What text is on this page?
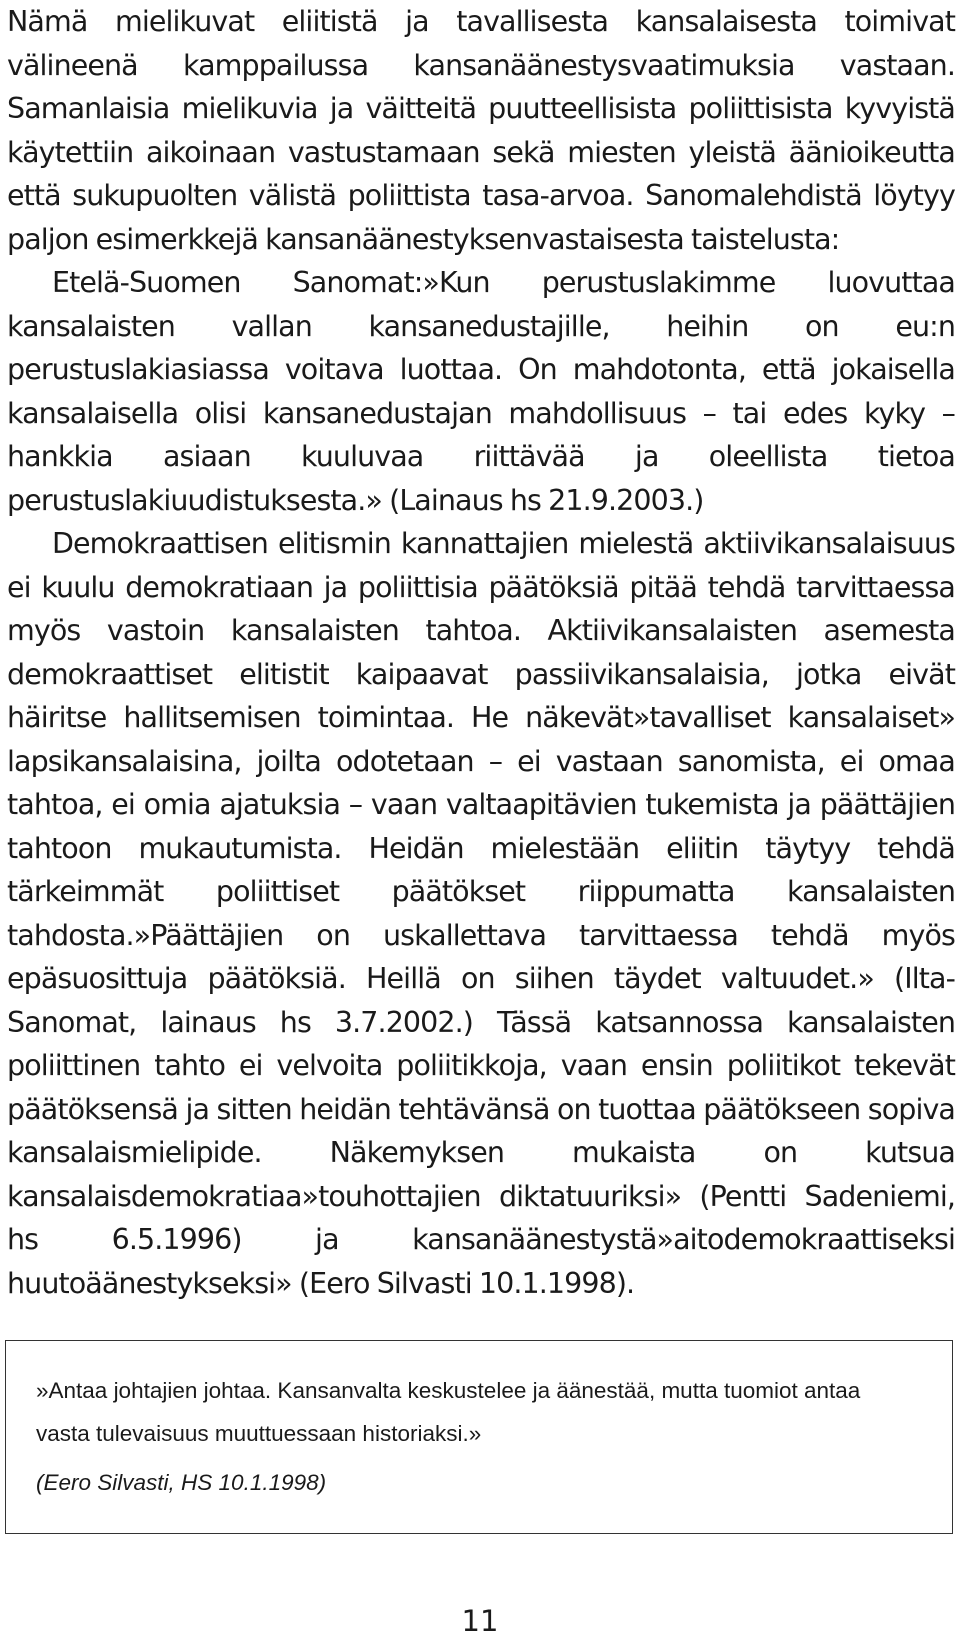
Nämä mielikuvat eliitistä ja tavallisesta kansalaisesta toimivat välineenä kamppailussa kansanäänestysvaatimuksia vastaan. Samanlaisia mielikuvia ja väitteitä puutteellisista poliittisista kyvyistä käytettiin aikoinaan vastustamaan sekä miesten yleistä äänioikeutta että sukupuolten välistä poliittista tasa-arvoa. Sanomalehdistä löytyy paljon esimerkkejä kansanäänestyksenvastaisesta taistelusta:

Etelä-Suomen Sanomat:»Kun perustuslakimme luovuttaa kansalaisten vallan kansanedustajille, heihin on eu:n perustuslakiasiassa voitava luottaa. On mahdotonta, että jokaisella kansalaisella olisi kansanedustajan mahdollisuus – tai edes kyky – hankkia asiaan kuuluvaa riittävää ja oleellista tietoa perustuslakiuudistuksesta.» (Lainaus hs 21.9.2003.)

Demokraattisen elitismin kannattajien mielestä aktiivikansalaisuus ei kuulu demokratiaan ja poliittisia päätöksiä pitää tehdä tarvittaessa myös vastoin kansalaisten tahtoa. Aktiivikansalaisten asemesta demokraattiset elitistit kaipaavat passiivikansalaisia, jotka eivät häiritse hallitsemisen toimintaa. He näkevät»tavalliset kansalaiset» lapsikansalaisina, joilta odotetaan – ei vastaan sanomista, ei omaa tahtoa, ei omia ajatuksia – vaan valtaapitävien tukemista ja päättäjien tahtoon mukautumista. Heidän mielestään eliitin täytyy tehdä tärkeimmät poliittiset päätökset riippumatta kansalaisten tahdosta.»Päättäjien on uskallettava tarvittaessa tehdä myös epäsuosittuja päätöksiä. Heillä on siihen täydet valtuudet.» (Ilta-Sanomat, lainaus hs 3.7.2002.) Tässä katsannossa kansalaisten poliittinen tahto ei velvoita poliitikkoja, vaan ensin poliitikot tekevät päätöksensä ja sitten heidän tehtävänsä on tuottaa päätökseen sopiva kansalaismielipide. Näkemyksen mukaista on kutsua kansalaisdemokratiaa»touhottajien diktatuuriksi» (Pentti Sadeniemi, hs 6.5.1996) ja kansanäänestystä»aitodemokraattiseksi huutoäänestykseksi» (Eero Silvasti 10.1.1998).

»Antaa johtajien johtaa. Kansanvalta keskustelee ja äänestää, mutta tuomiot antaa vasta tulevaisuus muuttuessaan historiaksi.»

(Eero Silvasti, HS 10.1.1998)

11
